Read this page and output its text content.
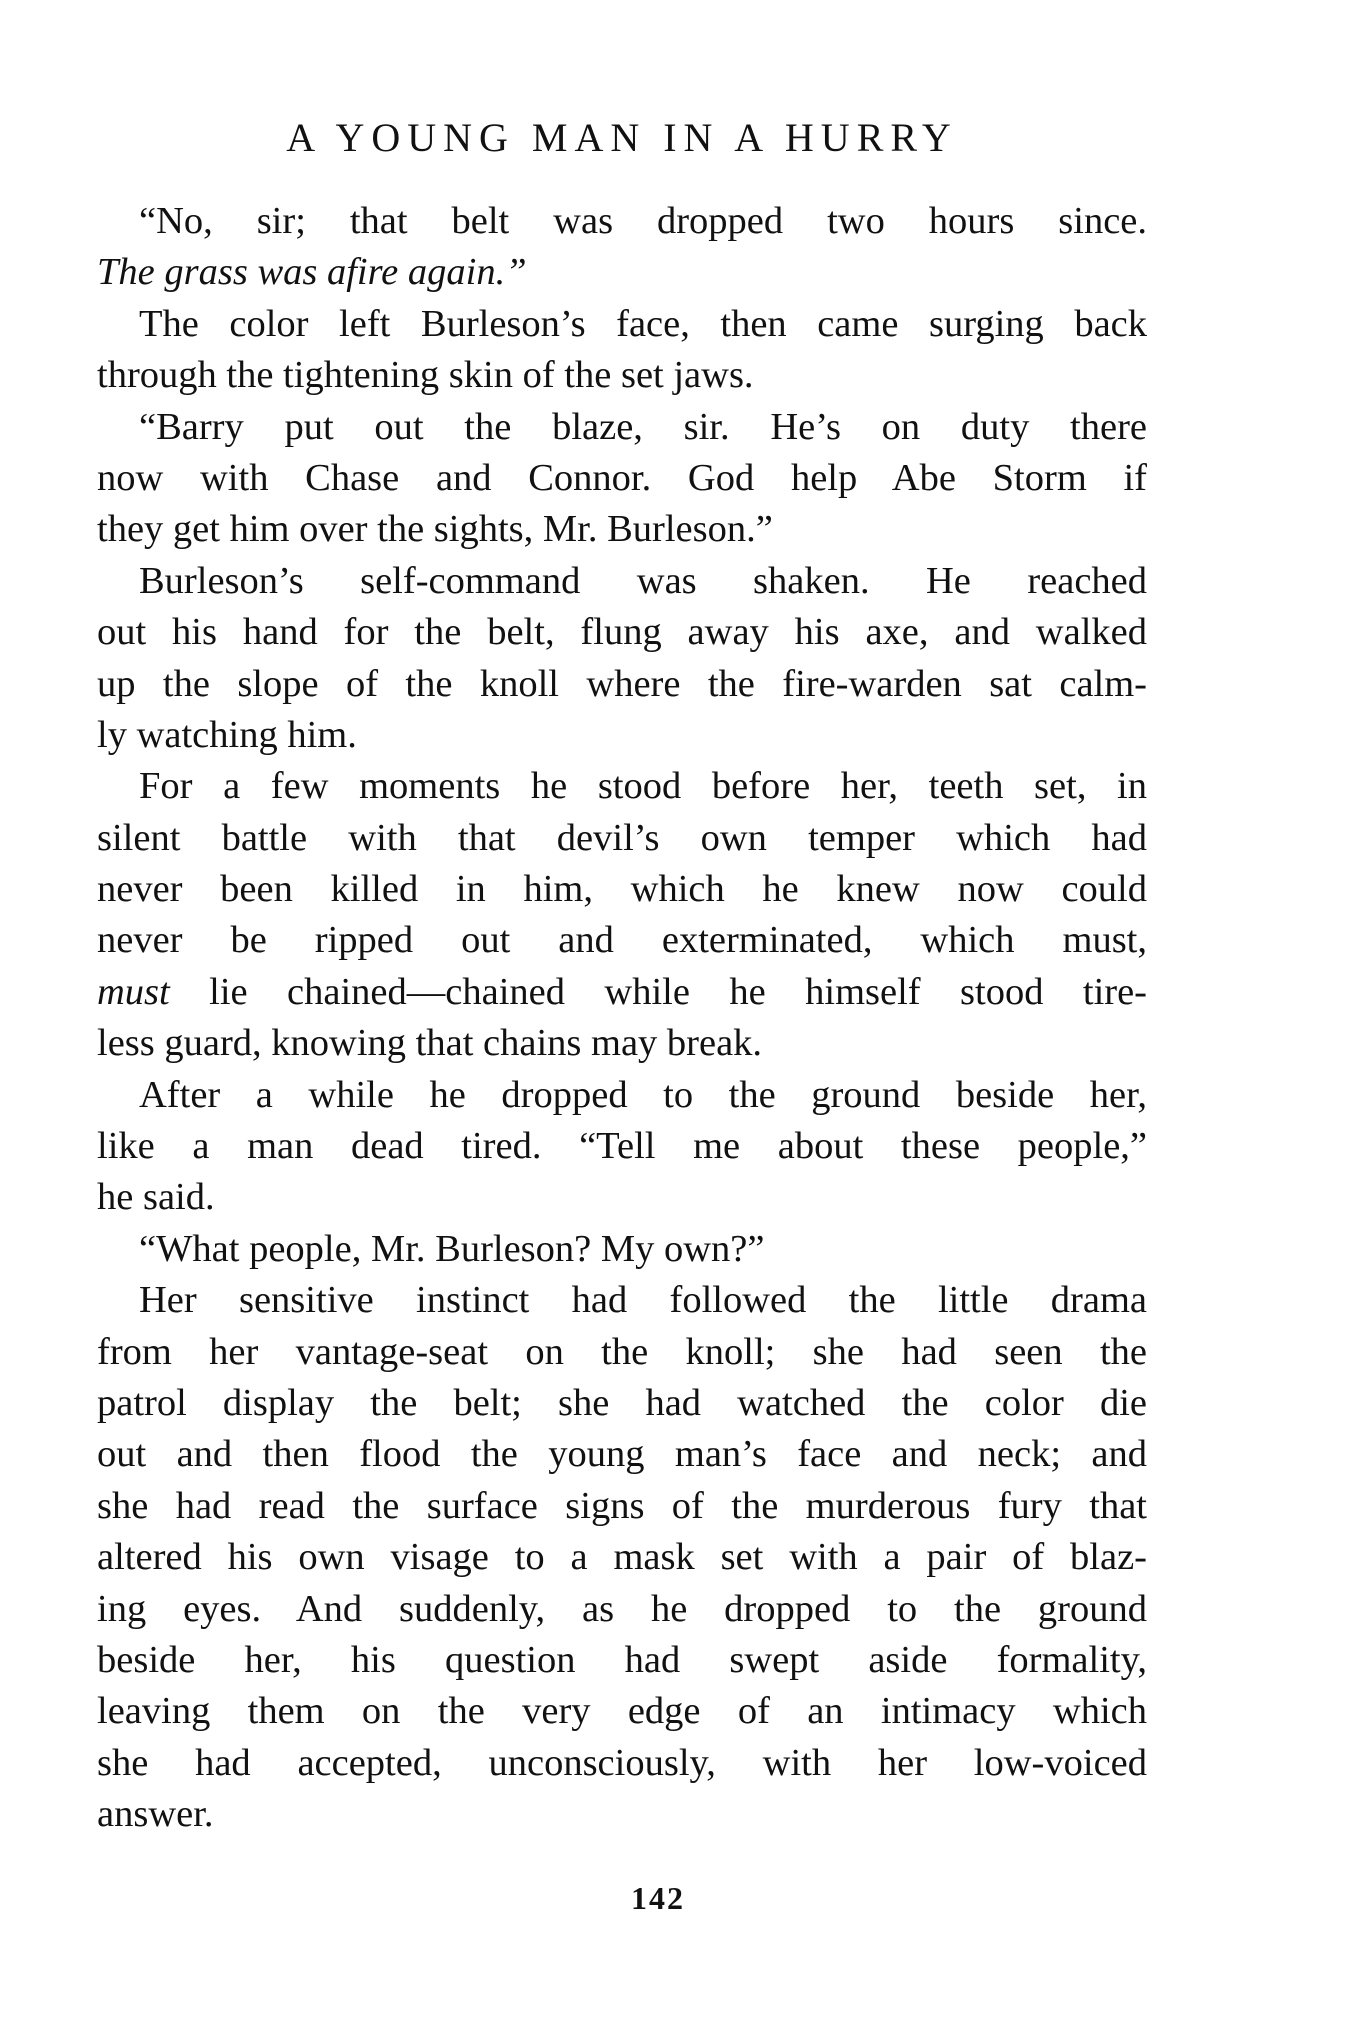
A YOUNG MAN IN A HURRY
“No, sir; that belt was dropped two hours since.
The grass was afire again.”
The color left Burleson’s face, then came surging back
through the tightening skin of the set jaws.
“Barry put out the blaze, sir. He’s on duty there
now with Chase and Connor. God help Abe Storm if
they get him over the sights, Mr. Burleson.”
Burleson’s self-command was shaken. He reached
out his hand for the belt, flung away his axe, and walked
up the slope of the knoll where the fire-warden sat calm-
ly watching him.
For a few moments he stood before her, teeth set, in
silent battle with that devil’s own temper which had
never been killed in him, which he knew now could
never be ripped out and exterminated, which must,
must lie chained—chained while he himself stood tire-
less guard, knowing that chains may break.
After a while he dropped to the ground beside her,
like a man dead tired. “Tell me about these people,”
he said.
“What people, Mr. Burleson? My own?”
Her sensitive instinct had followed the little drama
from her vantage-seat on the knoll; she had seen the
patrol display the belt; she had watched the color die
out and then flood the young man’s face and neck; and
she had read the surface signs of the murderous fury that
altered his own visage to a mask set with a pair of blaz-
ing eyes. And suddenly, as he dropped to the ground
beside her, his question had swept aside formality,
leaving them on the very edge of an intimacy which
she had accepted, unconsciously, with her low-voiced
answer.
142
